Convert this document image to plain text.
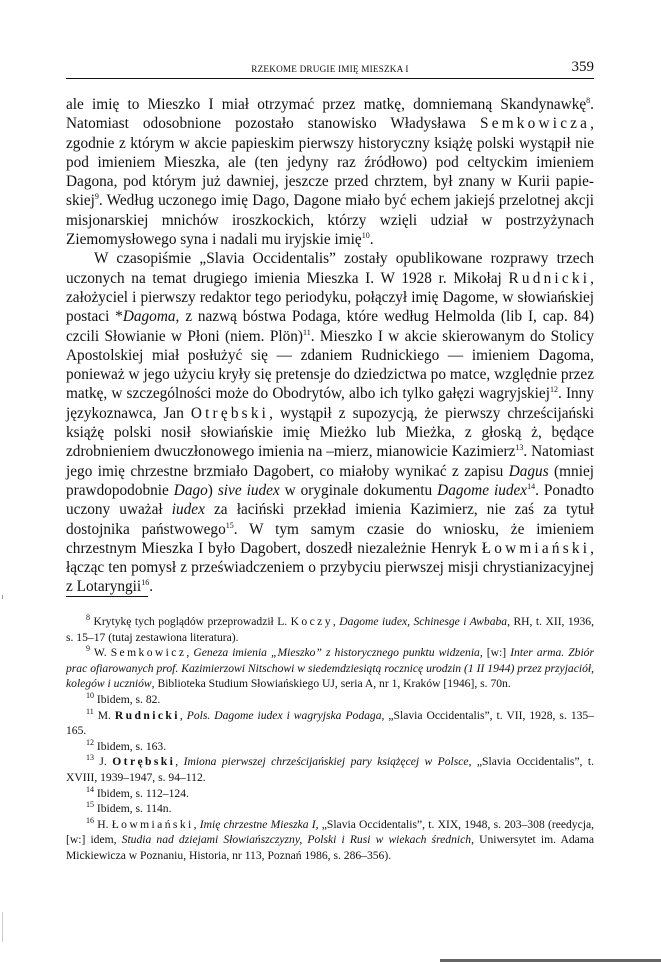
RZEKOME DRUGIE IMIĘ MIESZKA I	359

ale imię to Mieszko I miał otrzymać przez matkę, domniemaną Skandynawkę$^8$. Natomiast odosobnione pozostało stanowisko Władysława Semkowicza, zgodnie z którym w akcie papieskim pierwszy historyczny książę polski wystąpił nie pod imieniem Mieszka, ale (ten jedyny raz źródłowo) pod celtyckim imieniem Dagona, pod którym już dawniej, jeszcze przed chrztem, był znany w Kurii papieskiej$^9$. Według uczonego imię Dago, Dagone miało być echem jakiejś przelotnej akcji misjonarskiej mnichów iroszkockich, którzy wzięli udział w postrzyżynach Ziemomysłowego syna i nadali mu iryjskie imię$^{10}$.

W czasopiśmie „Slavia Occidentalis” zostały opublikowane rozprawy trzech uczonych na temat drugiego imienia Mieszka I. W 1928 r. Mikołaj Rudnicki, założyciel i pierwszy redaktor tego periodyku, połączył imię Dagome, w słowiańskiej postaci *Dagoma, z nazwą bóstwa Podaga, które według Helmolda (lib I, cap. 84) czcili Słowianie w Płoni (niem. Plön)$^{11}$. Mieszko I w akcie skierowanym do Stolicy Apostolskiej miał posłużyć się — zdaniem Rudnickiego — imieniem Dagoma, ponieważ w jego użyciu kryły się pretensje do dziedzictwa po matce, względnie przez matkę, w szczególności może do Obodrytów, albo ich tylko gałęzi wagryjskiej$^{12}$. Inny językoznawca, Jan Otrębski, wystąpił z supozycją, że pierwszy chrześcijański książę polski nosił słowiańskie imię Mieżko lub Mieżka, z głoską ż, będące zdrobnieniem dwuczłonowego imienia na –mierz, mianowicie Kazimierz$^{13}$. Natomiast jego imię chrzestne brzmiało Dagobert, co miałoby wynikać z zapisu Dagus (mniej prawdopodobnie Dago) sive iudex w oryginale dokumentu Dagome iudex$^{14}$. Ponadto uczony uważał iudex za łaciński przekład imienia Kazimierz, nie zaś za tytuł dostojnika państwowego$^{15}$. W tym samym czasie do wniosku, że imieniem chrzestnym Mieszka I było Dagobert, doszedł niezależnie Henryk Łowmiański, łącząc ten pomysł z przeświadczeniem o przybyciu pierwszej misji chrystianizacyjnej z Lotaryngii$^{16}$.

$^8$ Krytykę tych poglądów przeprowadził L. Koczy, Dagome iudex, Schinesge i Awbaba, RH, t. XII, 1936, s. 15–17 (tutaj zestawiona literatura).

$^9$ W. Semkowicz, Geneza imienia „Mieszko” z historycznego punktu widzenia, [w:] Inter arma. Zbiór prac ofiarowanych prof. Kazimierzowi Nitschowi w siedemdziesiątą rocznicę urodzin (1 II 1944) przez przyjaciół, kolegów i uczniów, Biblioteka Studium Słowiańskiego UJ, seria A, nr 1, Kraków [1946], s. 70n.

$^{10}$ Ibidem, s. 82.

$^{11}$ M. Rudnicki, Pols. Dagome iudex i wagryjska Podaga, „Slavia Occidentalis”, t. VII, 1928, s. 135–165.

$^{12}$ Ibidem, s. 163.

$^{13}$ J. Otrębski, Imiona pierwszej chrześcijańskiej pary książęcej w Polsce, „Slavia Occidentalis”, t. XVIII, 1939–1947, s. 94–112.

$^{14}$ Ibidem, s. 112–124.

$^{15}$ Ibidem, s. 114n.

$^{16}$ H. Łowmiański, Imię chrzestne Mieszka I, „Slavia Occidentalis”, t. XIX, 1948, s. 203–308 (reedycja, [w:] idem, Studia nad dziejami Słowiańszczyzny, Polski i Rusi w wiekach średnich, Uniwersytet im. Adama Mickiewicza w Poznaniu, Historia, nr 113, Poznań 1986, s. 286–356).
